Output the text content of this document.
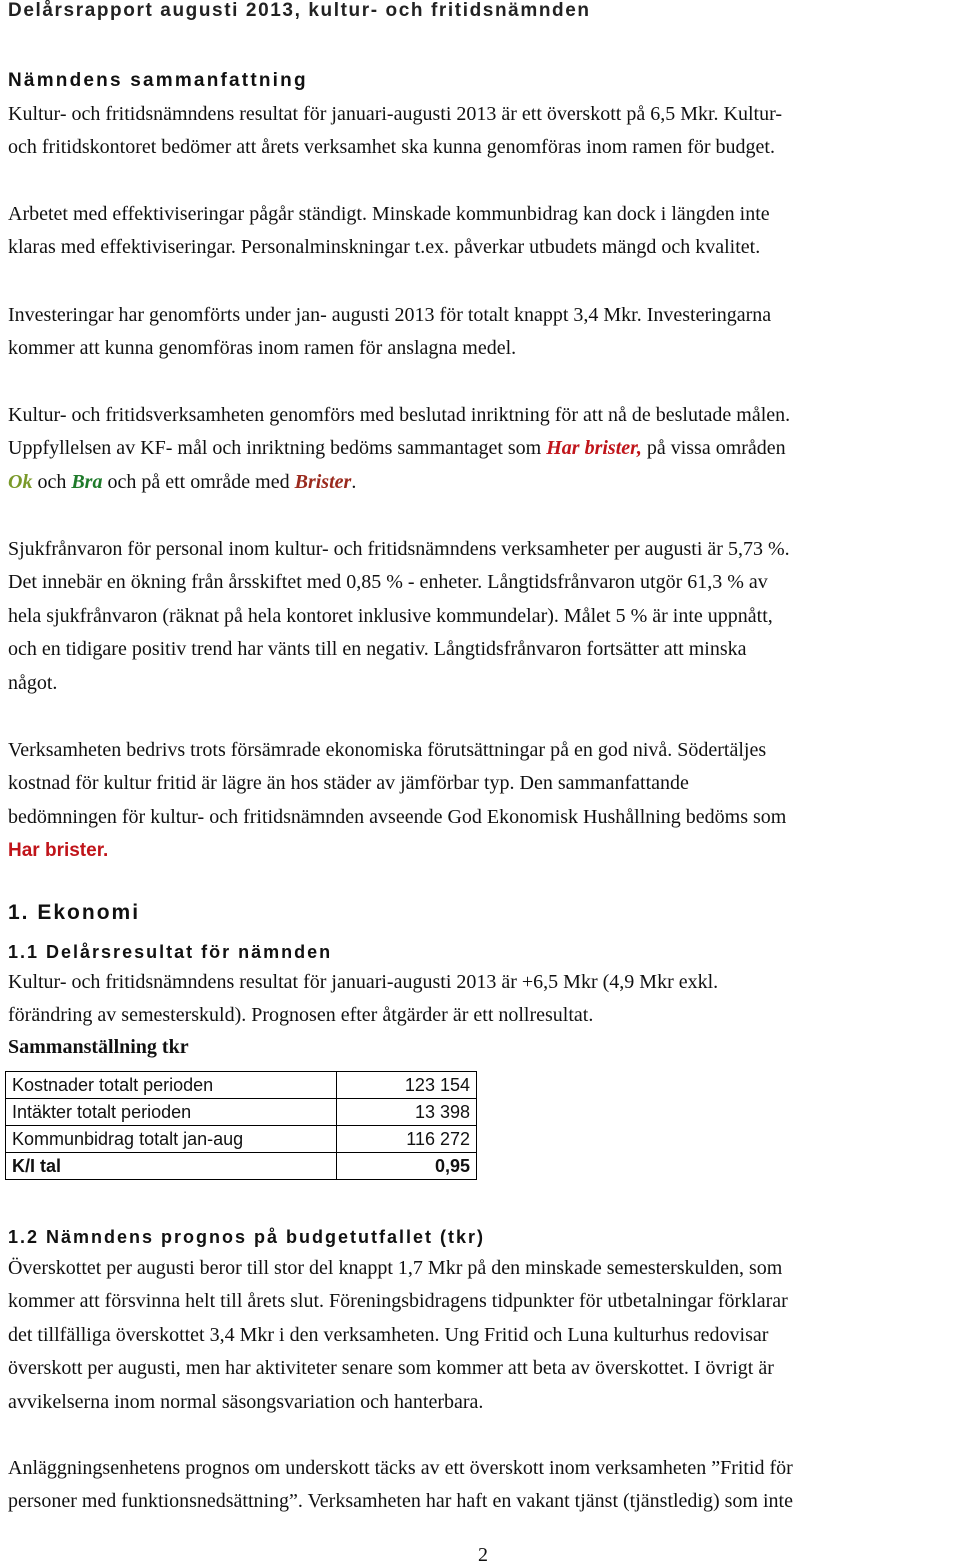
Delårsrapport augusti 2013, kultur- och fritidsnämnden
Nämndens sammanfattning
Kultur- och fritidsnämndens resultat för januari-augusti 2013 är ett överskott på 6,5 Mkr. Kultur-
och fritidskontoret bedömer att årets verksamhet ska kunna genomföras inom ramen för budget.
Arbetet med effektiviseringar pågår ständigt. Minskade kommunbidrag kan dock i längden inte
klaras med effektiviseringar. Personalminskningar t.ex. påverkar utbudets mängd och kvalitet.
Investeringar har genomförts under jan- augusti 2013 för totalt knappt 3,4 Mkr. Investeringarna
kommer att kunna genomföras inom ramen för anslagna medel.
Kultur- och fritidsverksamheten genomförs med beslutad inriktning för att nå de beslutade målen.
Uppfyllelsen av KF- mål och inriktning bedöms sammantaget som Har brister, på vissa områden
Ok och Bra och på ett område med Brister.
Sjukfrånvaron för personal inom kultur- och fritidsnämndens verksamheter per augusti är 5,73 %.
Det innebär en ökning från årsskiftet med 0,85 % - enheter. Långtidsfrånvaron utgör 61,3 % av
hela sjukfrånvaron (räknat på hela kontoret inklusive kommundelar). Målet 5 % är inte uppnått,
och en tidigare positiv trend har vänts till en negativ. Långtidsfrånvaron fortsätter att minska
något.
Verksamheten bedrivs trots försämrade ekonomiska förutsättningar på en god nivå. Södertäljes
kostnad för kultur fritid är lägre än hos städer av jämförbar typ. Den sammanfattande
bedömningen för kultur- och fritidsnämnden avseende God Ekonomisk Hushållning bedöms som
Har brister.
1. Ekonomi
1.1 Delårsresultat för nämnden
Kultur- och fritidsnämndens resultat för januari-augusti 2013 är +6,5 Mkr (4,9 Mkr exkl.
förändring av semesterskuld). Prognosen efter åtgärder är ett nollresultat.
Sammanställning tkr
Kostnader totalt perioden	123 154
Intäkter totalt perioden	13 398
Kommunbidrag totalt jan-aug	116 272
K/I tal	0,95
1.2 Nämndens prognos på budgetutfallet (tkr)
Överskottet per augusti beror till stor del knappt 1,7 Mkr på den minskade semesterskulden, som
kommer att försvinna helt till årets slut. Föreningsbidragens tidpunkter för utbetalningar förklarar
det tillfälliga överskottet 3,4 Mkr i den verksamheten. Ung Fritid och Luna kulturhus redovisar
överskott per augusti, men har aktiviteter senare som kommer att beta av överskottet. I övrigt är
avvikelserna inom normal säsongsvariation och hanterbara.
Anläggningsenhetens prognos om underskott täcks av ett överskott inom verksamheten ”Fritid för
personer med funktionsnedsättning”. Verksamheten har haft en vakant tjänst (tjänstledig) som inte
2
